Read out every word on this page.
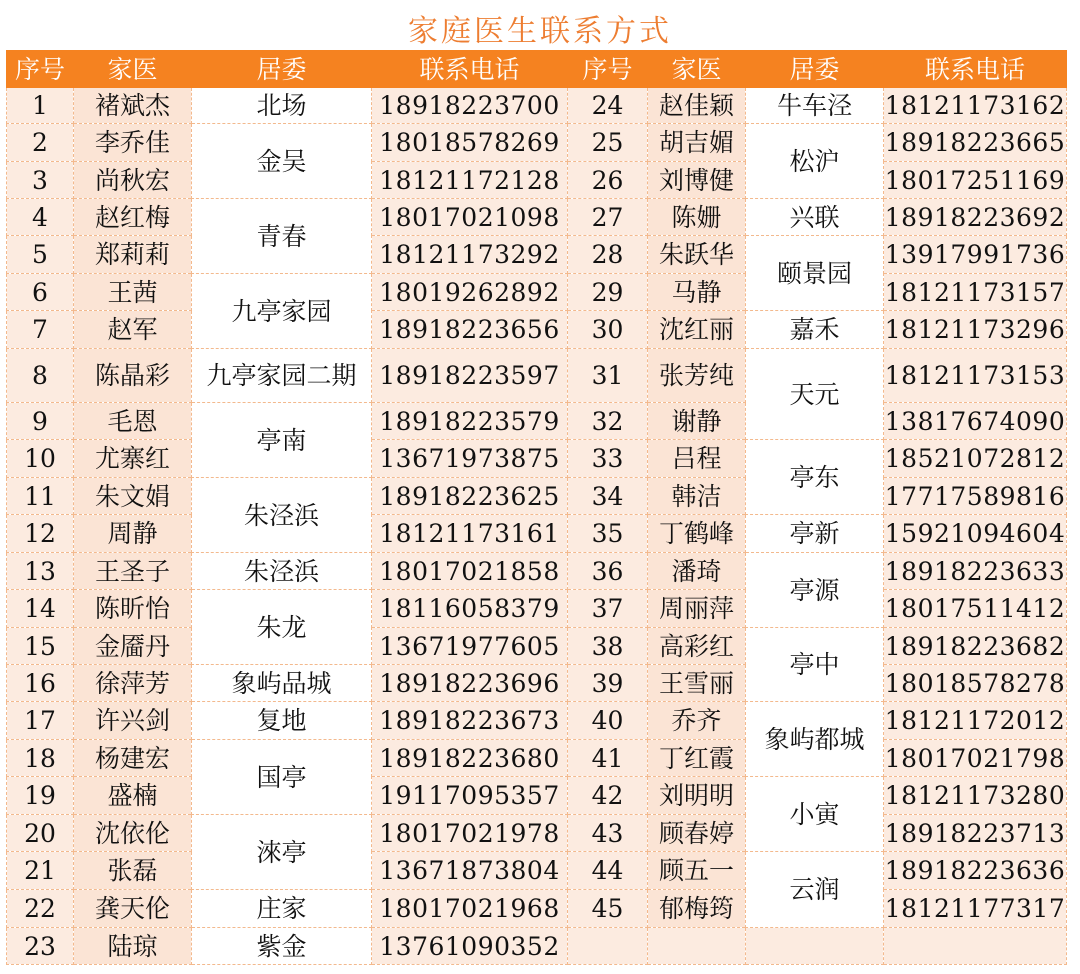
家庭医生联系方式
序号	家医	居委	联系电话	序号	家医	居委	联系电话
1	褚斌杰	北场	18918223700	24	赵佳颖	牛车泾	18121173162
2	李乔佳	金吴	18018578269	25	胡吉媚	松沪	18918223665
3	尚秋宏		18121172128	26	刘博健		18017251169
4	赵红梅	青春	18017021098	27	陈姗	兴联	18918223692
5	郑莉莉		18121173292	28	朱跃华	颐景园	13917991736
6	王茜	九亭家园	18019262892	29	马静		18121173157
7	赵军		18918223656	30	沈红丽	嘉禾	18121173296
8	陈晶彩	九亭家园二期	18918223597	31	张芳纯	天元	18121173153
9	毛恩	亭南	18918223579	32	谢静		13817674090
10	尤寨红		13671973875	33	吕程	亭东	18521072812
11	朱文娟	朱泾浜	18918223625	34	韩洁		17717589816
12	周静		18121173161	35	丁鹤峰	亭新	15921094604
13	王圣子	朱泾浜	18017021858	36	潘琦	亭源	18918223633
14	陈昕怡	朱龙	18116058379	37	周丽萍		18017511412
15	金靥丹		13671977605	38	高彩红	亭中	18918223682
16	徐萍芳	象屿品城	18918223696	39	王雪丽		18018578278
17	许兴剑	复地	18918223673	40	乔齐	象屿都城	18121172012
18	杨建宏	国亭	18918223680	41	丁红霞		18017021798
19	盛楠		19117095357	42	刘明明	小寅	18121173280
20	沈依伦	淶亭	18017021978	43	顾春婷		18918223713
21	张磊		13671873804	44	顾五一	云润	18918223636
22	龚天伦	庄家	18017021968	45	郁梅筠		18121177317
23	陆琼	紫金	13761090352				
